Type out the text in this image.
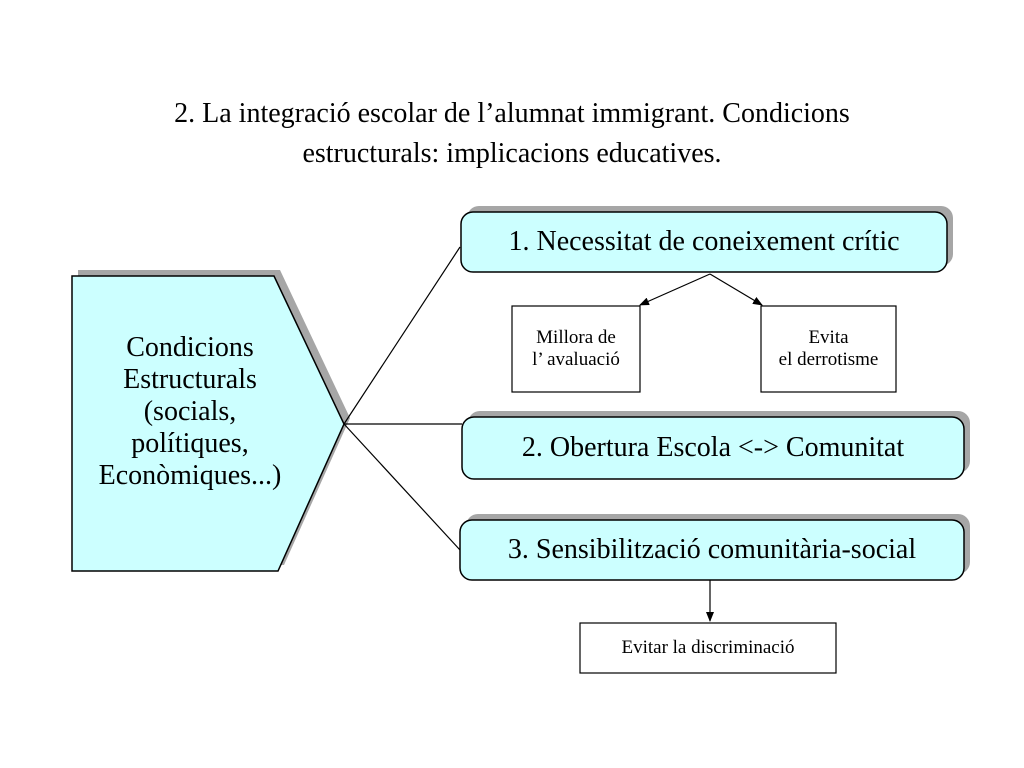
2. La integració escolar de l’alumnat immigrant. Condicions
estructurals: implicacions educatives.
Condicions
Estructurals
(socials,
polítiques,
Econòmiques...)
1. Necessitat de coneixement crític
2. Obertura Escola <-> Comunitat
3. Sensibilització comunitària-social
Millora de
l’ avaluació
Evita
el derrotisme
Evitar la discriminació
